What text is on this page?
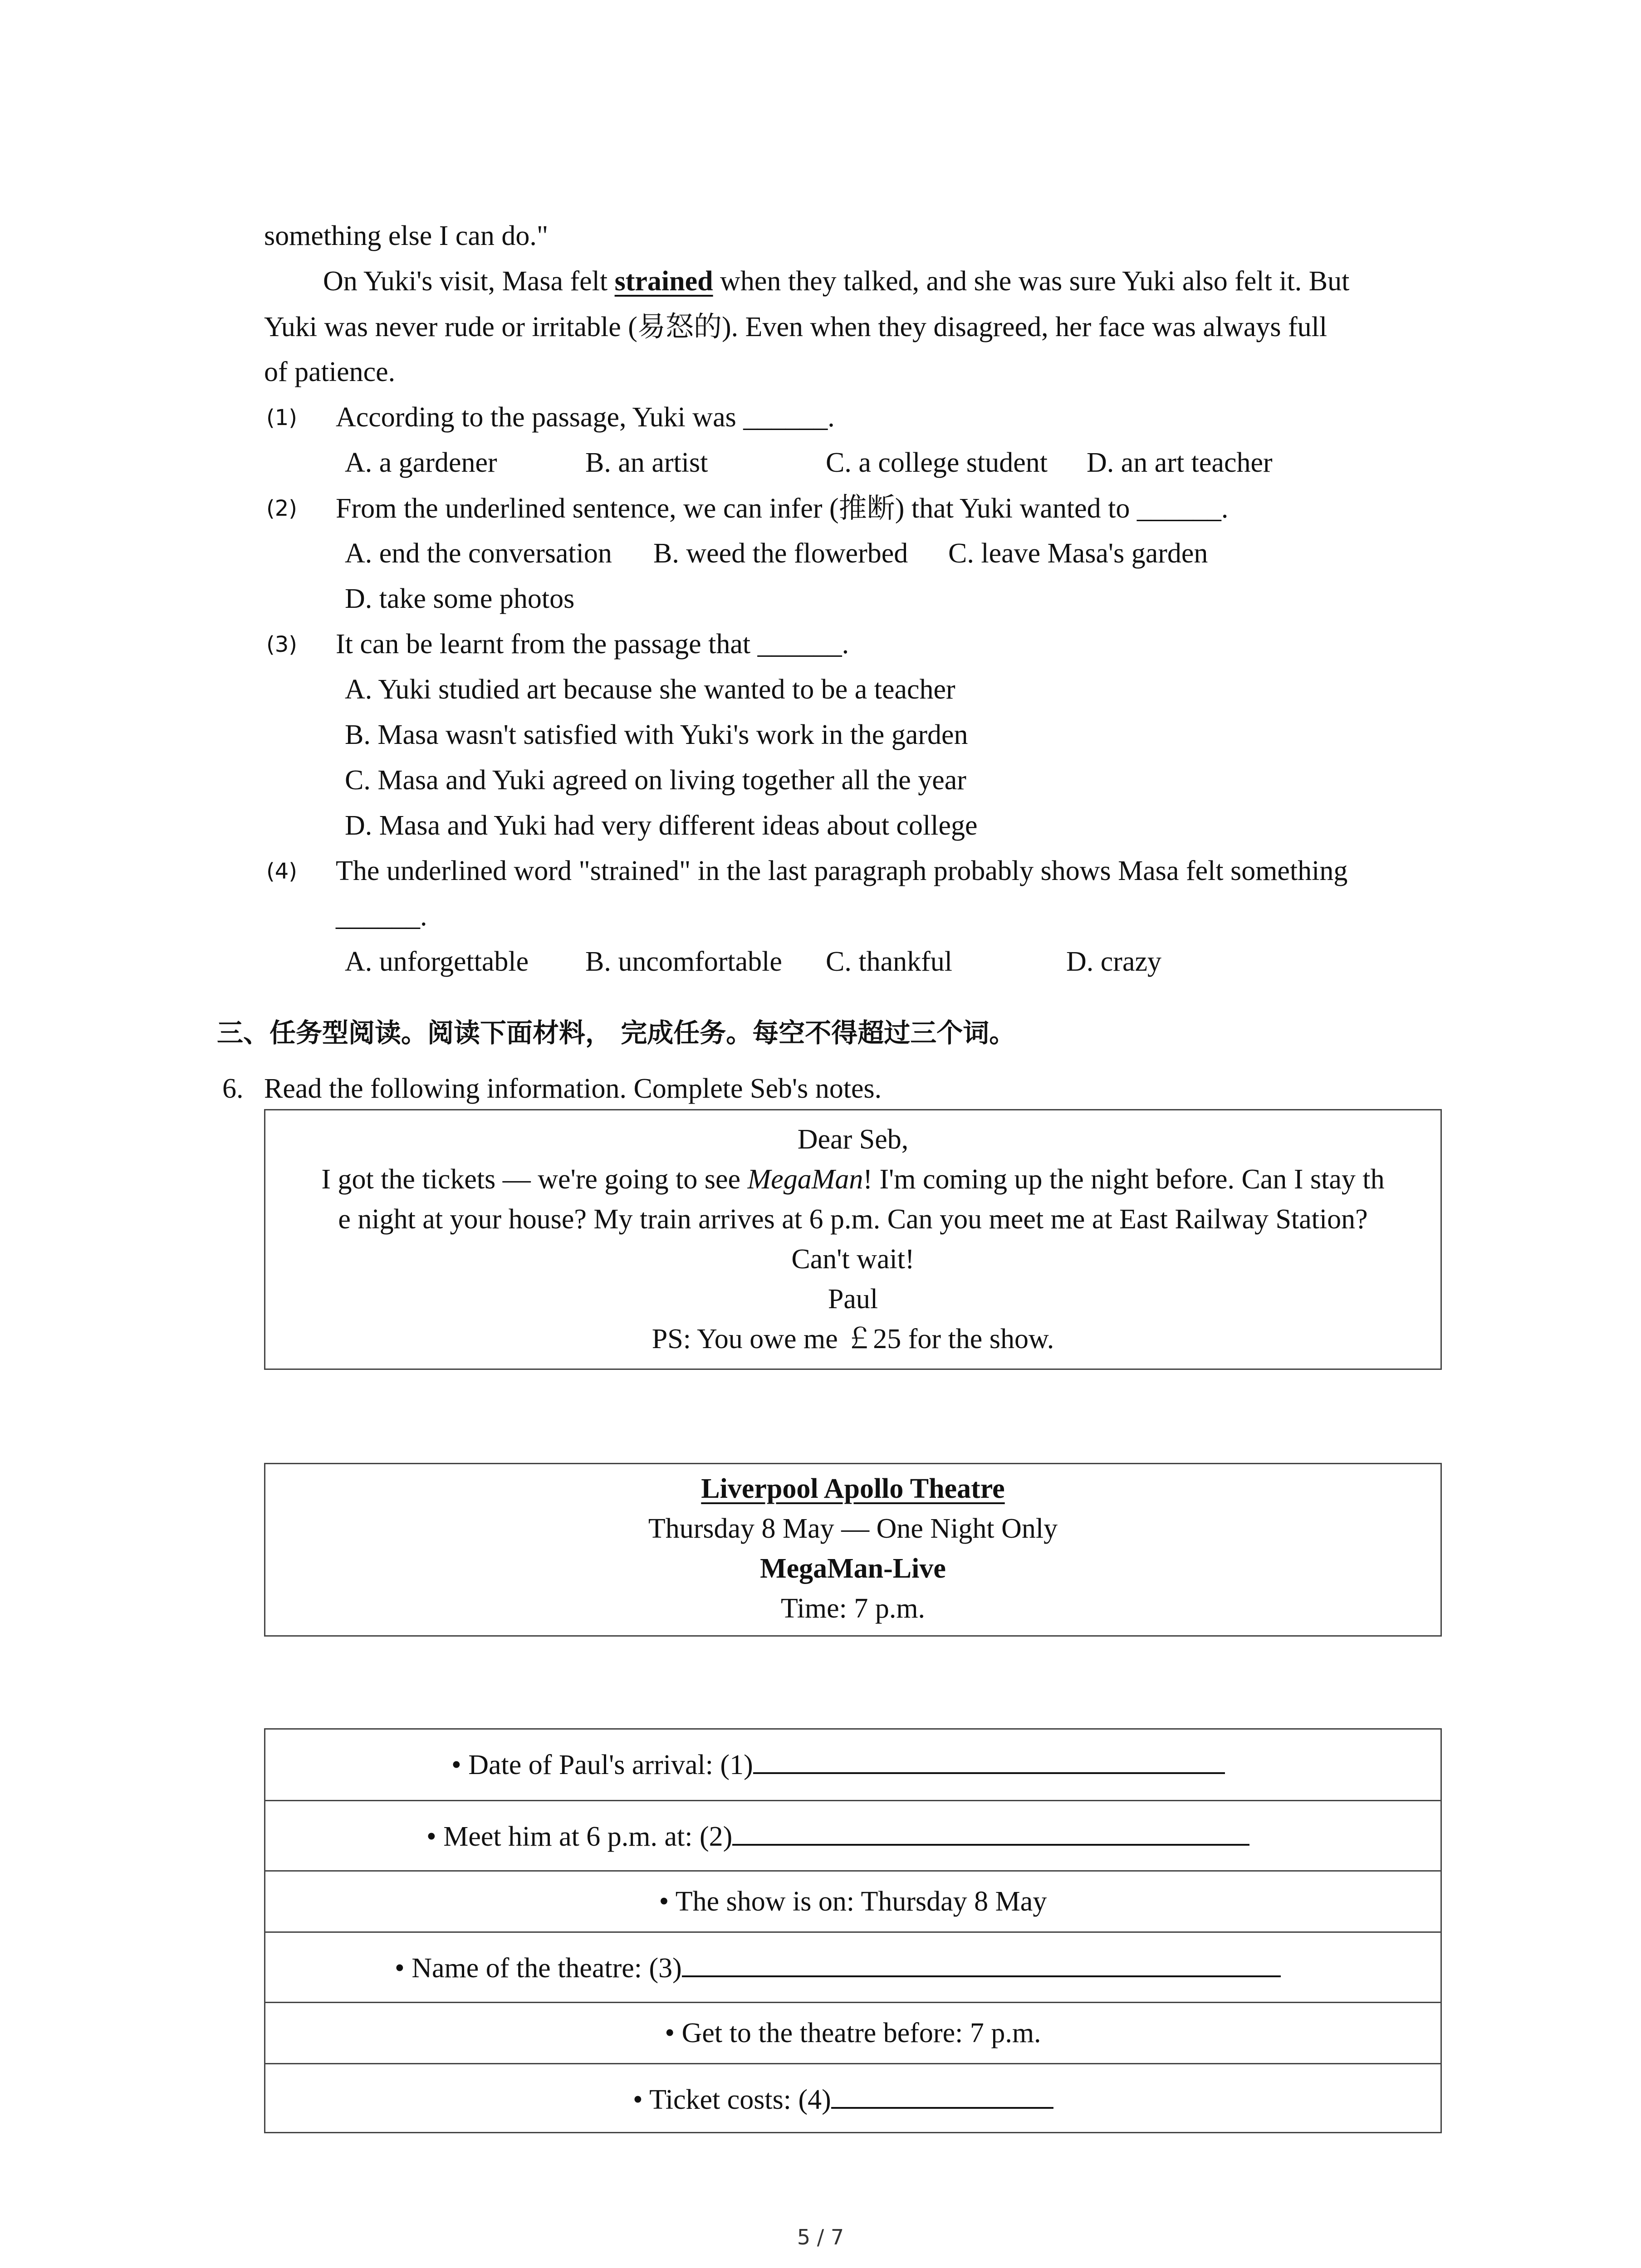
something else I can do."
On Yuki's visit, Masa felt strained when they talked, and she was sure Yuki also felt it. But
Yuki was never rude or irritable (易怒的). Even when they disagreed, her face was always full
of patience.
(1) According to the passage, Yuki was ______.
A. a gardener	B. an artist	C. a college student D. an art teacher
(2) From the underlined sentence, we can infer (推断) that Yuki wanted to ______.
A. end the conversation B. weed the flowerbed C. leave Masa's garden
D. take some photos
(3) It can be learnt from the passage that ______.
A. Yuki studied art because she wanted to be a teacher
B. Masa wasn't satisfied with Yuki's work in the garden
C. Masa and Yuki agreed on living together all the year
D. Masa and Yuki had very different ideas about college
(4) The underlined word "strained" in the last paragraph probably shows Masa felt something
______.
A. unforgettable B. uncomfortable C. thankful	D. crazy
三、任务型阅读。阅读下面材料， 完成任务。每空不得超过三个词。
6. Read the following information. Complete Seb's notes.
Dear Seb,
I got the tickets — we're going to see MegaMan! I'm coming up the night before. Can I stay th
e night at your house? My train arrives at 6 p.m. Can you meet me at East Railway Station?
Can't wait!
Paul
PS: You owe me ￡25 for the show.
Liverpool Apollo Theatre
Thursday 8 May — One Night Only
MegaMan-Live
Time: 7 p.m.
• Date of Paul's arrival: (1)
• Meet him at 6 p.m. at: (2)
• The show is on: Thursday 8 May
• Name of the theatre: (3)
• Get to the theatre before: 7 p.m.
• Ticket costs: (4)
5 / 7
